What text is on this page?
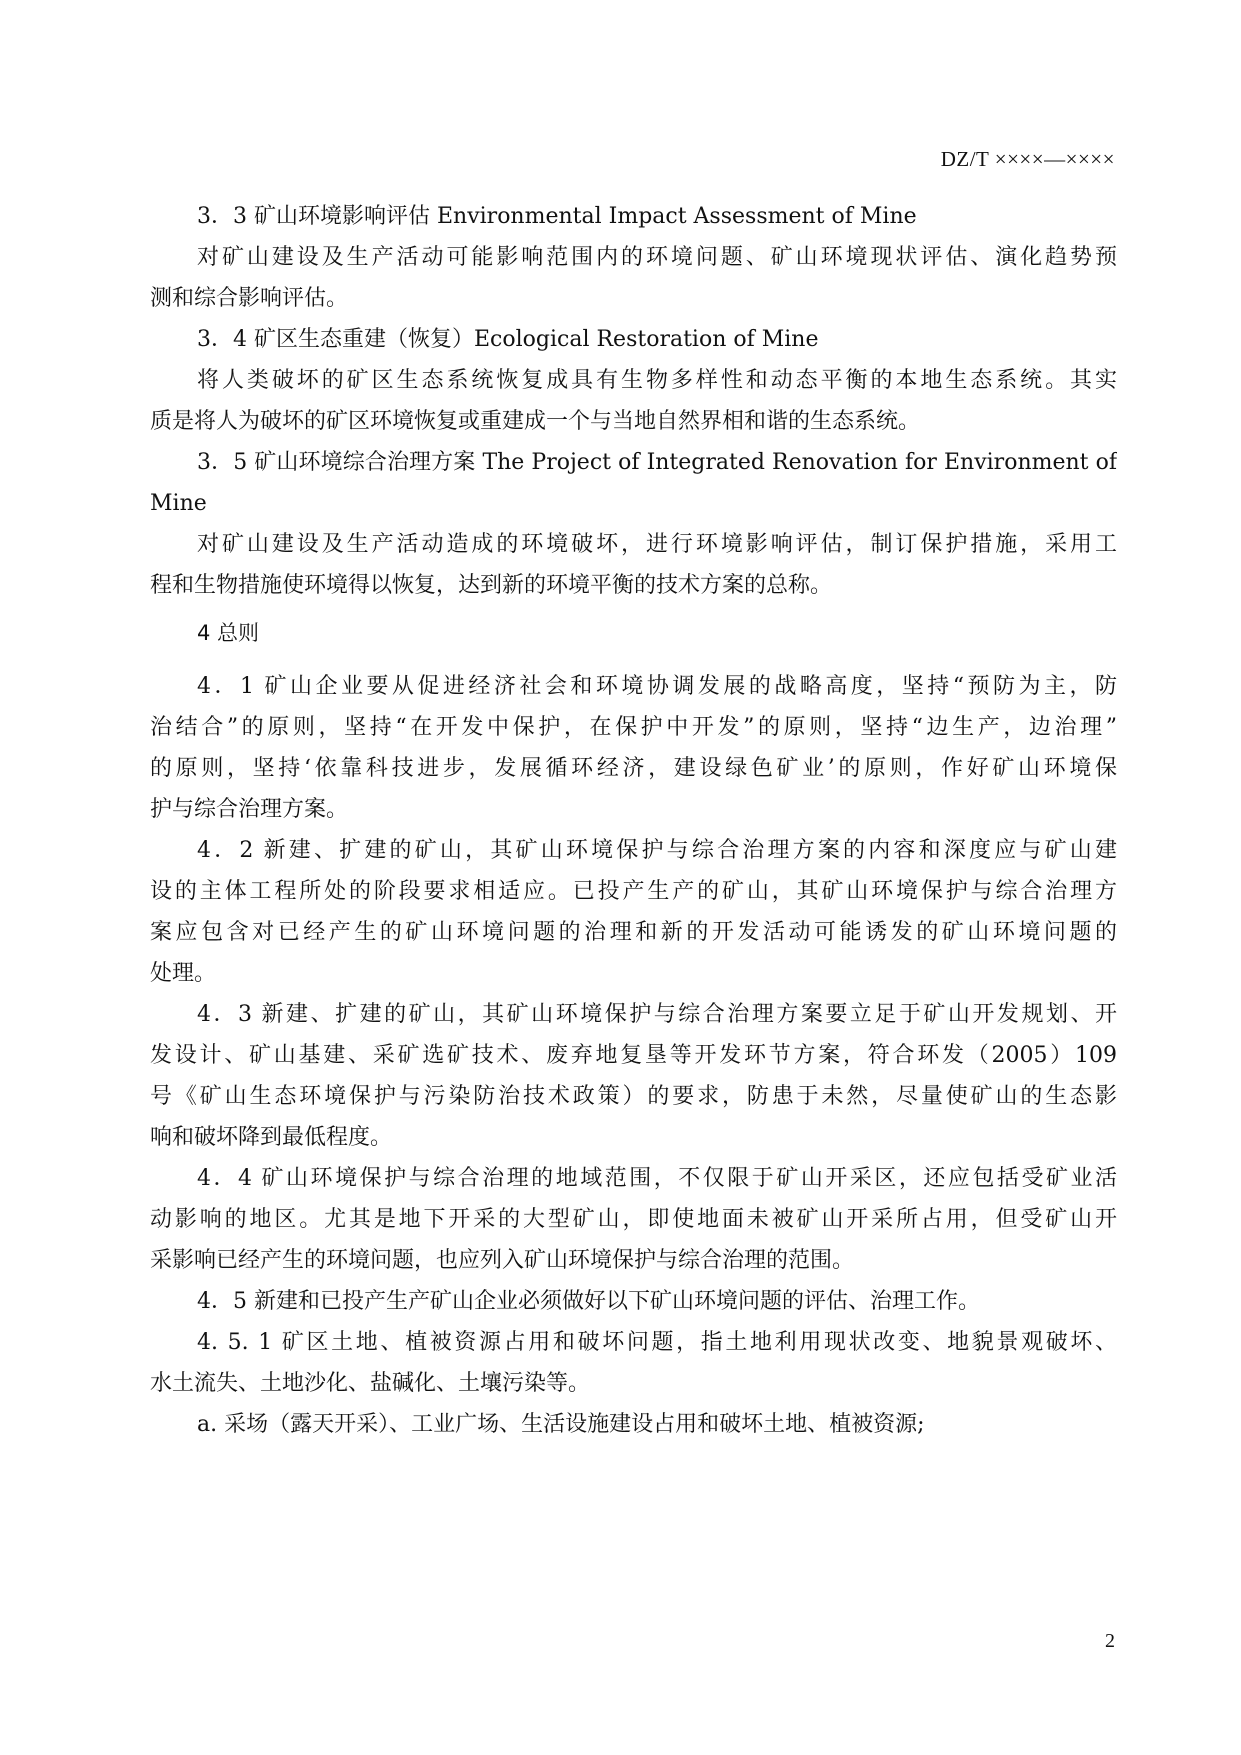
DZ/T ××××—××××
3．3 矿山环境影响评估 Environmental Impact Assessment of Mine
对矿山建设及生产活动可能影响范围内的环境问题、矿山环境现状评估、演化趋势预
测和综合影响评估。
3．4 矿区生态重建（恢复）Ecological Restoration of Mine
将人类破坏的矿区生态系统恢复成具有生物多样性和动态平衡的本地生态系统。其实
质是将人为破坏的矿区环境恢复或重建成一个与当地自然界相和谐的生态系统。
3．5 矿山环境综合治理方案 The Project of Integrated Renovation for Environment of
Mine
对矿山建设及生产活动造成的环境破坏，进行环境影响评估，制订保护措施，采用工
程和生物措施使环境得以恢复，达到新的环境平衡的技术方案的总称。
4 总则
4．1 矿山企业要从促进经济社会和环境协调发展的战略高度，坚持“预防为主，防
治结合”的原则，坚持“在开发中保护，在保护中开发”的原则，坚持“边生产，边治理”
的原则，坚持‘依靠科技进步，发展循环经济，建设绿色矿业’的原则，作好矿山环境保
护与综合治理方案。
4．2 新建、扩建的矿山，其矿山环境保护与综合治理方案的内容和深度应与矿山建
设的主体工程所处的阶段要求相适应。已投产生产的矿山，其矿山环境保护与综合治理方
案应包含对已经产生的矿山环境问题的治理和新的开发活动可能诱发的矿山环境问题的
处理。
4．3 新建、扩建的矿山，其矿山环境保护与综合治理方案要立足于矿山开发规划、开
发设计、矿山基建、采矿选矿技术、废弃地复垦等开发环节方案，符合环发（2005）109
号《矿山生态环境保护与污染防治技术政策）的要求，防患于未然，尽量使矿山的生态影
响和破坏降到最低程度。
4．4 矿山环境保护与综合治理的地域范围，不仅限于矿山开采区，还应包括受矿业活
动影响的地区。尤其是地下开采的大型矿山，即使地面未被矿山开采所占用，但受矿山开
采影响已经产生的环境问题，也应列入矿山环境保护与综合治理的范围。
4．5 新建和已投产生产矿山企业必须做好以下矿山环境问题的评估、治理工作。
4. 5. 1 矿区土地、植被资源占用和破坏问题，指土地利用现状改变、地貌景观破坏、
水土流失、土地沙化、盐碱化、土壤污染等。
a. 采场（露天开采）、工业广场、生活设施建设占用和破坏土地、植被资源;
2
